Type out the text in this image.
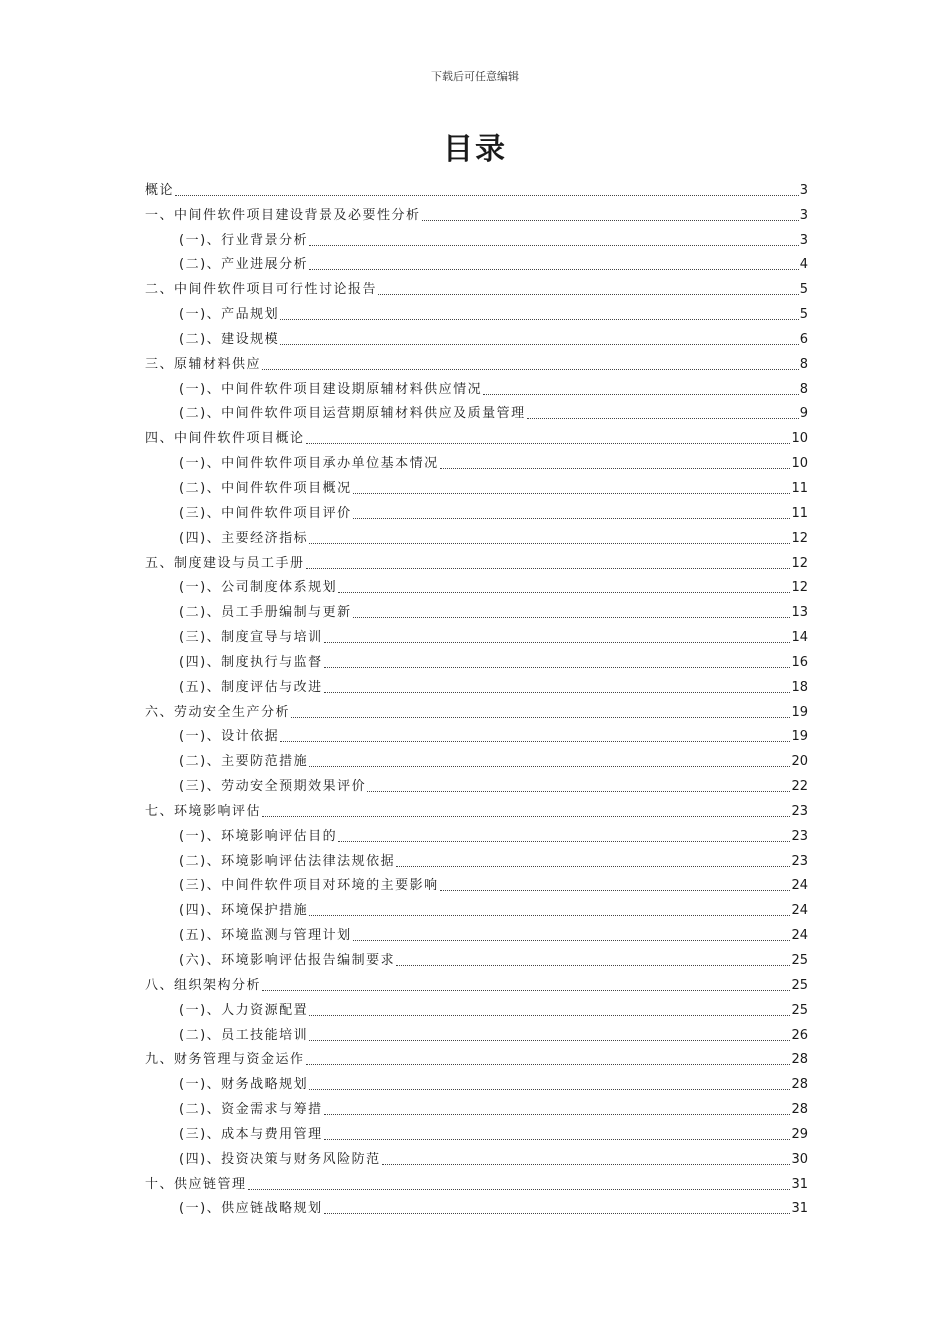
下载后可任意编辑
目录
概论	3
一、中间件软件项目建设背景及必要性分析	3
(一)、行业背景分析	3
(二)、产业进展分析	4
二、中间件软件项目可行性讨论报告	5
(一)、产品规划	5
(二)、建设规模	6
三、原辅材料供应	8
(一)、中间件软件项目建设期原辅材料供应情况	8
(二)、中间件软件项目运营期原辅材料供应及质量管理	9
四、中间件软件项目概论	10
(一)、中间件软件项目承办单位基本情况	10
(二)、中间件软件项目概况	11
(三)、中间件软件项目评价	11
(四)、主要经济指标	12
五、制度建设与员工手册	12
(一)、公司制度体系规划	12
(二)、员工手册编制与更新	13
(三)、制度宣导与培训	14
(四)、制度执行与监督	16
(五)、制度评估与改进	18
六、劳动安全生产分析	19
(一)、设计依据	19
(二)、主要防范措施	20
(三)、劳动安全预期效果评价	22
七、环境影响评估	23
(一)、环境影响评估目的	23
(二)、环境影响评估法律法规依据	23
(三)、中间件软件项目对环境的主要影响	24
(四)、环境保护措施	24
(五)、环境监测与管理计划	24
(六)、环境影响评估报告编制要求	25
八、组织架构分析	25
(一)、人力资源配置	25
(二)、员工技能培训	26
九、财务管理与资金运作	28
(一)、财务战略规划	28
(二)、资金需求与筹措	28
(三)、成本与费用管理	29
(四)、投资决策与财务风险防范	30
十、供应链管理	31
(一)、供应链战略规划	31
